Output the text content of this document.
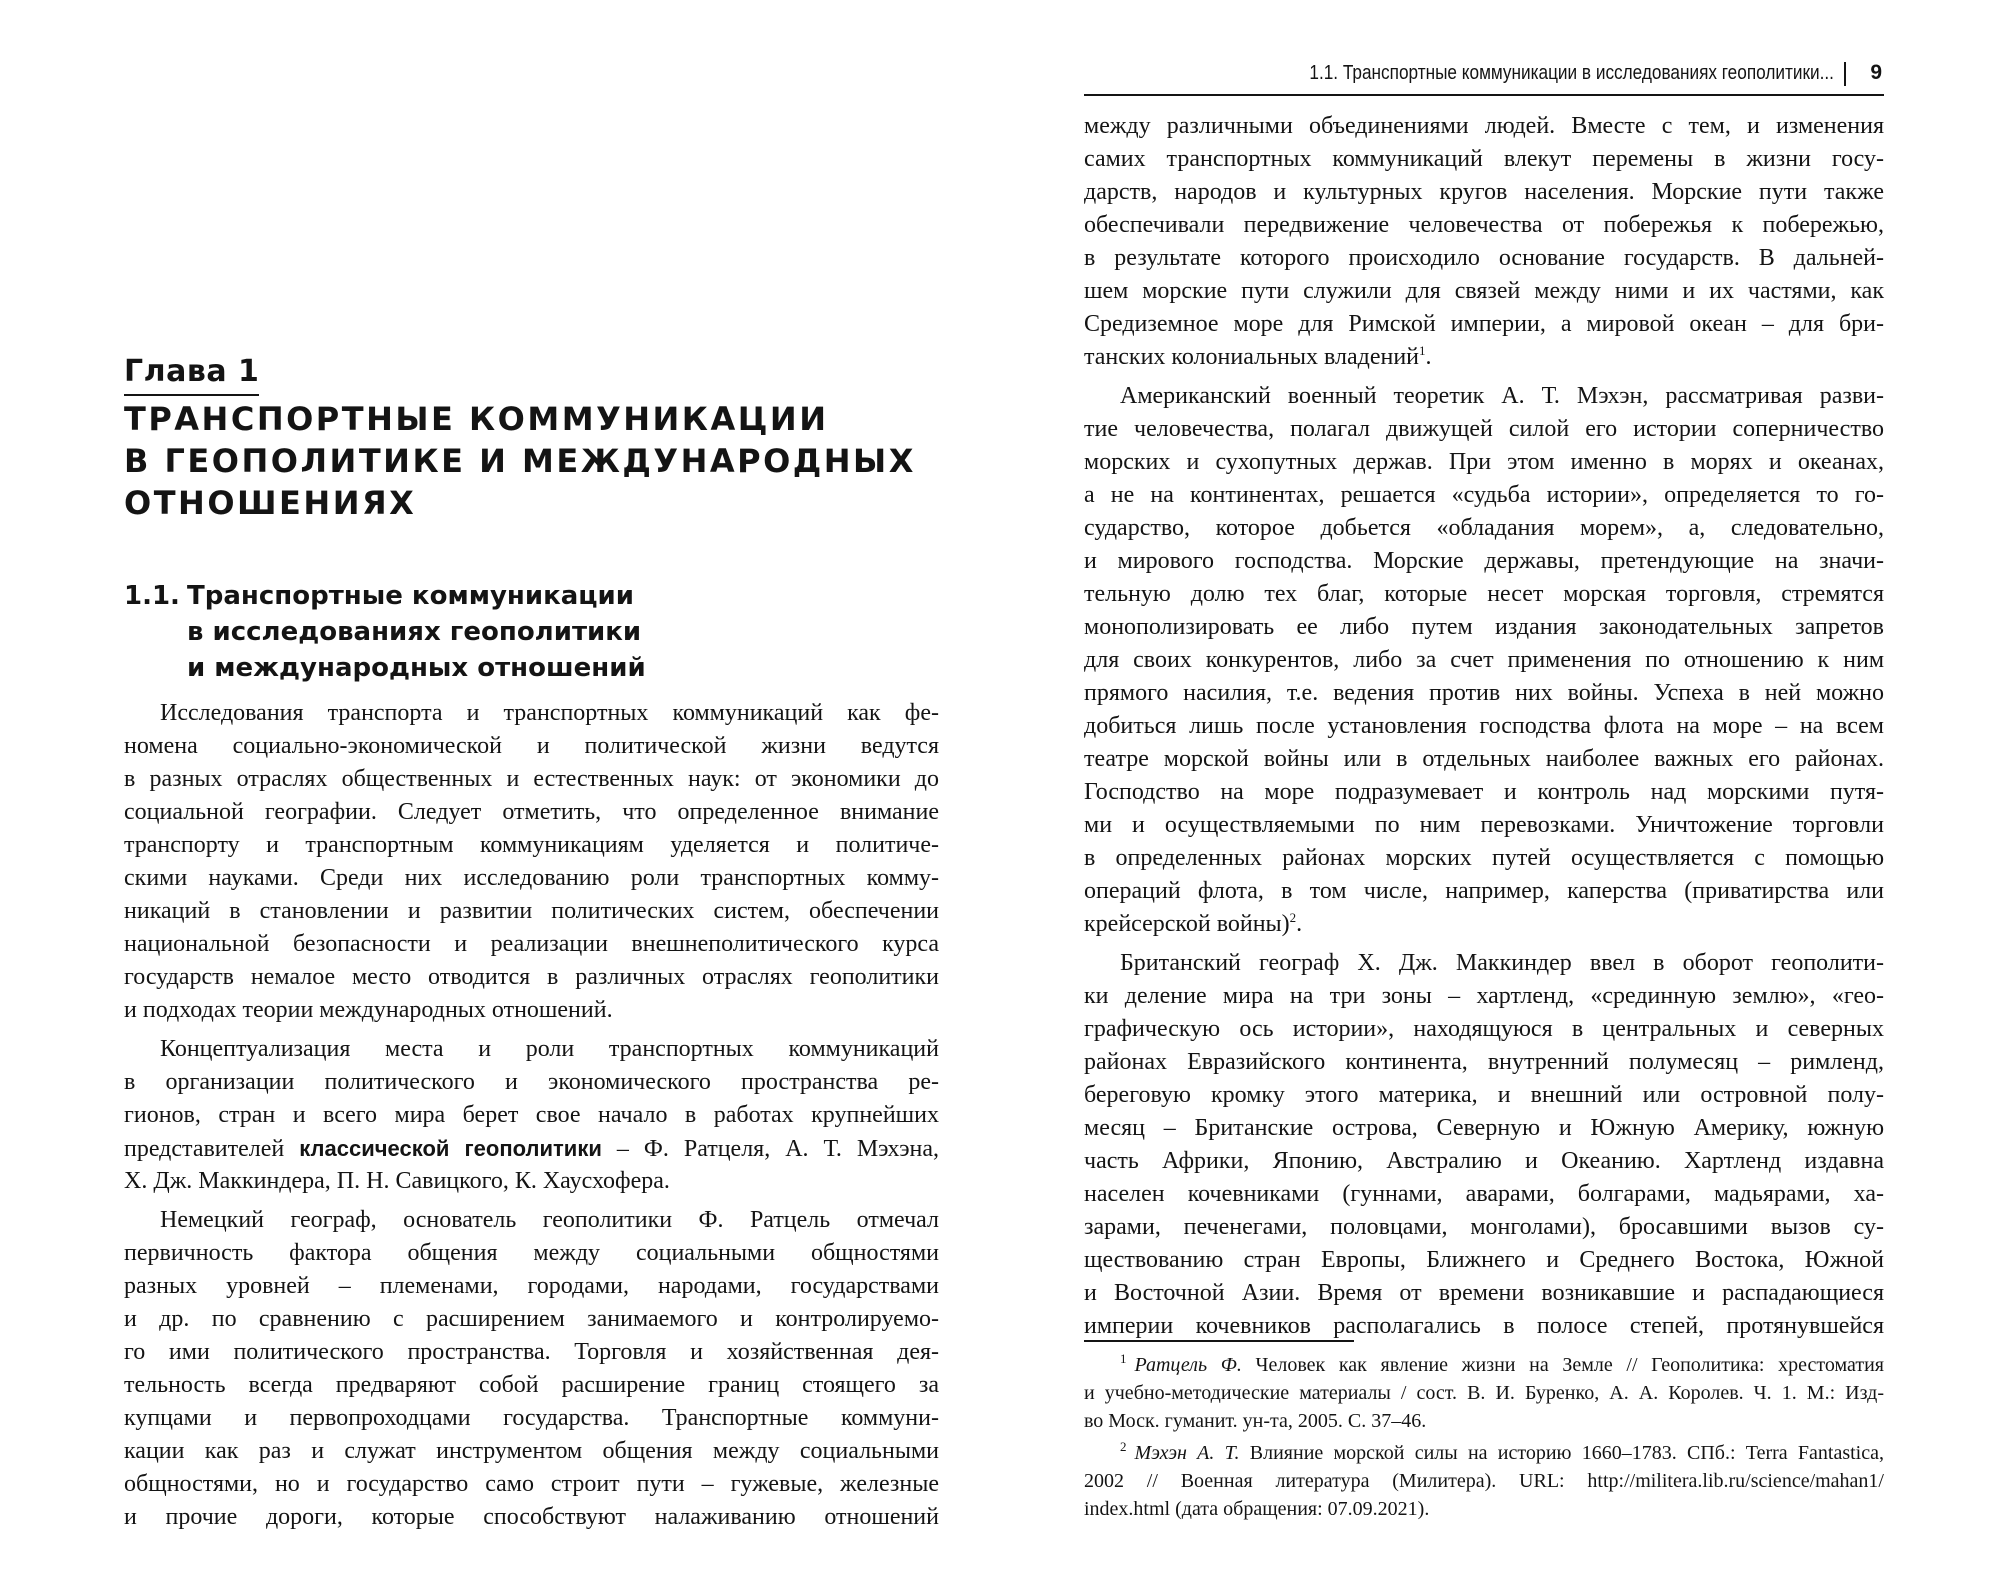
Глава 1
ТРАНСПОРТНЫЕ КОММУНИКАЦИИ
В ГЕОПОЛИТИКЕ И МЕЖДУНАРОДНЫХ
ОТНОШЕНИЯХ
1.1. Транспортные коммуникации
в исследованиях геополитики
и международных отношений
Исследования транспорта и транспортных коммуникаций как фе-
номена социально-экономической и политической жизни ведутся
в разных отраслях общественных и естественных наук: от экономики до
социальной географии. Следует отметить, что определенное внимание
транспорту и транспортным коммуникациям уделяется и политиче-
скими науками. Среди них исследованию роли транспортных комму-
никаций в становлении и развитии политических систем, обеспечении
национальной безопасности и реализации внешнеполитического курса
государств немалое место отводится в различных отраслях геополитики
и подходах теории международных отношений.
Концептуализация места и роли транспортных коммуникаций
в организации политического и экономического пространства ре-
гионов, стран и всего мира берет свое начало в работах крупнейших
представителей классической геополитики – Ф. Ратцеля, А. Т. Мэхэна,
Х. Дж. Маккиндера, П. Н. Савицкого, К. Хаусхофера.
Немецкий географ, основатель геополитики Ф. Ратцель отмечал
первичность фактора общения между социальными общностями
разных уровней – племенами, городами, народами, государствами
и др. по сравнению с расширением занимаемого и контролируемо-
го ими политического пространства. Торговля и хозяйственная дея-
тельность всегда предваряют собой расширение границ стоящего за
купцами и первопроходцами государства. Транспортные коммуни-
кации как раз и служат инструментом общения между социальными
общностями, но и государство само строит пути – гужевые, железные
и прочие дороги, которые способствуют налаживанию отношений
1.1. Транспортные коммуникации в исследованиях геополитики... 9
между различными объединениями людей. Вместе с тем, и изменения
самих транспортных коммуникаций влекут перемены в жизни госу-
дарств, народов и культурных кругов населения. Морские пути также
обеспечивали передвижение человечества от побережья к побережью,
в результате которого происходило основание государств. В дальней-
шем морские пути служили для связей между ними и их частями, как
Средиземное море для Римской империи, а мировой океан – для бри-
танских колониальных владений$^1$.
Американский военный теоретик А. Т. Мэхэн, рассматривая разви-
тие человечества, полагал движущей силой его истории соперничество
морских и сухопутных держав. При этом именно в морях и океанах,
а не на континентах, решается «судьба истории», определяется то го-
сударство, которое добьется «обладания морем», а, следовательно,
и мирового господства. Морские державы, претендующие на значи-
тельную долю тех благ, которые несет морская торговля, стремятся
монополизировать ее либо путем издания законодательных запретов
для своих конкурентов, либо за счет применения по отношению к ним
прямого насилия, т.е. ведения против них войны. Успеха в ней можно
добиться лишь после установления господства флота на море – на всем
театре морской войны или в отдельных наиболее важных его районах.
Господство на море подразумевает и контроль над морскими путя-
ми и осуществляемыми по ним перевозками. Уничтожение торговли
в определенных районах морских путей осуществляется с помощью
операций флота, в том числе, например, каперства (приватирства или
крейсерской войны)$^2$.
Британский географ Х. Дж. Маккиндер ввел в оборот геополити-
ки деление мира на три зоны – хартленд, «срединную землю», «гео-
графическую ось истории», находящуюся в центральных и северных
районах Евразийского континента, внутренний полумесяц – римленд,
береговую кромку этого материка, и внешний или островной полу-
месяц – Британские острова, Северную и Южную Америку, южную
часть Африки, Японию, Австралию и Океанию. Хартленд издавна
населен кочевниками (гуннами, аварами, болгарами, мадьярами, ха-
зарами, печенегами, половцами, монголами), бросавшими вызов су-
ществованию стран Европы, Ближнего и Среднего Востока, Южной
и Восточной Азии. Время от времени возникавшие и распадающиеся
империи кочевников располагались в полосе степей, протянувшейся
$^1$ Ратцель Ф. Человек как явление жизни на Земле // Геополитика: хрестоматия
и учебно-методические материалы / сост. В. И. Буренко, А. А. Королев. Ч. 1. М.: Изд-
во Моск. гуманит. ун-та, 2005. С. 37–46.
$^2$ Мэхэн А. Т. Влияние морской силы на историю 1660–1783. СПб.: Terra Fantastica,
2002 // Военная литература (Милитера). URL: http://militera.lib.ru/science/mahan1/
index.html (дата обращения: 07.09.2021).
